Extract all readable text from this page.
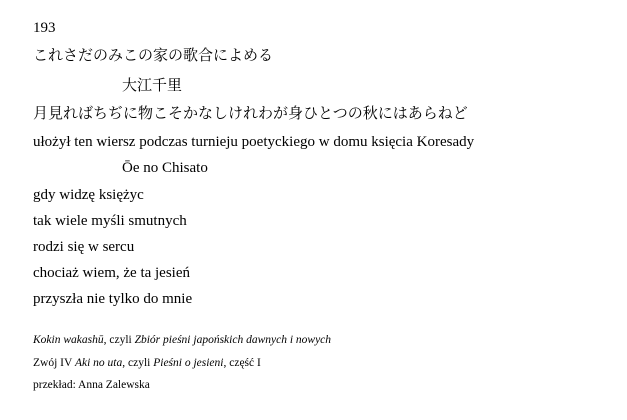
193
これさだのみこの家の歌合によめる
大江千里
月見ればちぢに物こそかなしけれわが身ひとつの秋にはあらねど
ułożył ten wiersz podczas turnieju poetyckiego w domu księcia Koresady
Ōe no Chisato
gdy widzę księżyc
tak wiele myśli smutnych
rodzi się w sercu
chociaż wiem, że ta jesień
przyszła nie tylko do mnie
Kokin wakashū, czyli Zbiór pieśni japońskich dawnych i nowych
Zwój IV Aki no uta, czyli Pieśni o jesieni, część I
przekład: Anna Zalewska
